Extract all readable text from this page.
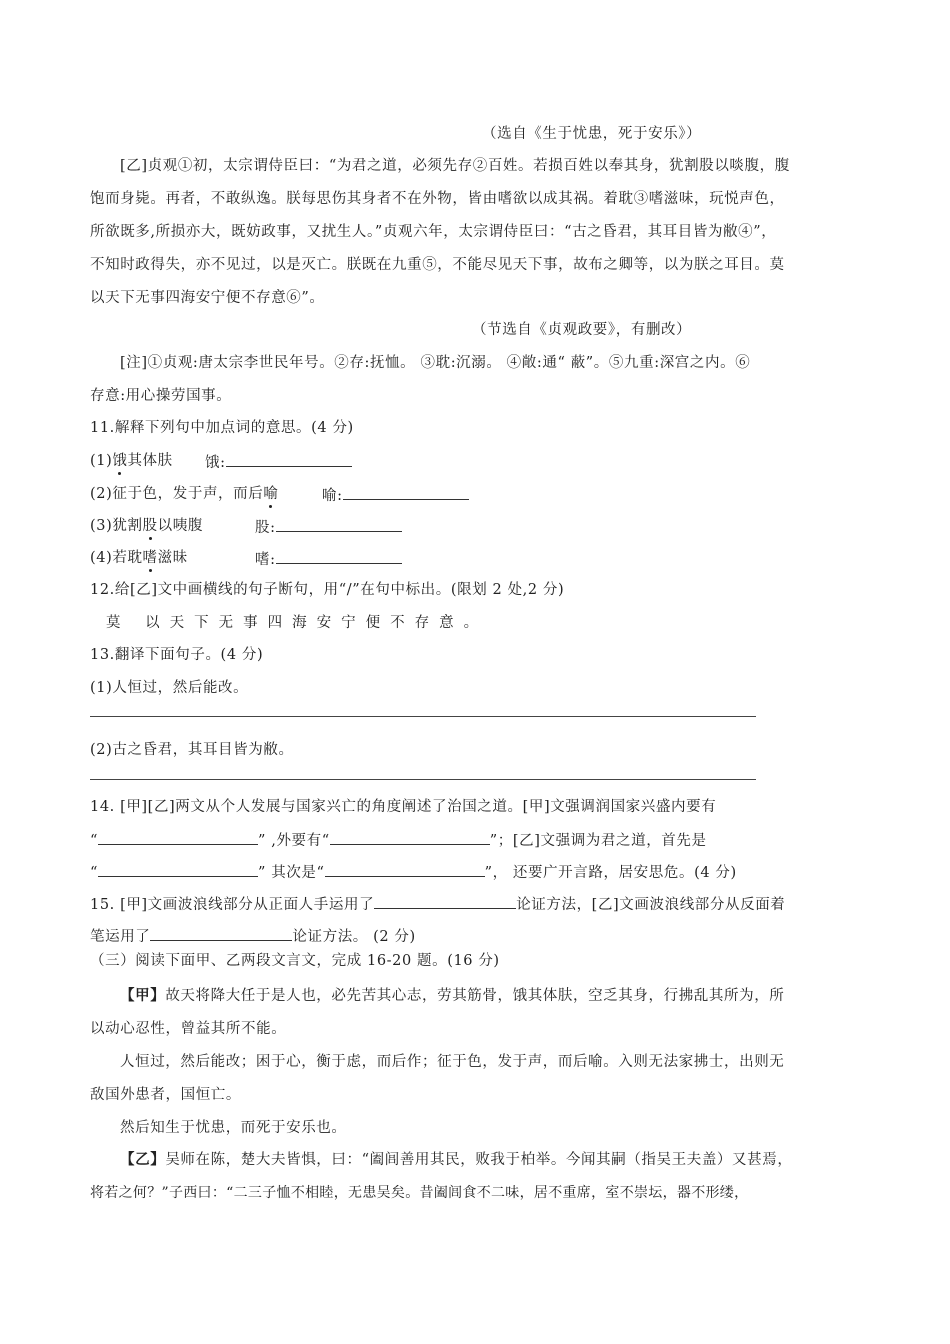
（选自《生于忧患，死于安乐》）
[乙]贞观①初，太宗谓侍臣曰：“为君之道，必须先存②百姓。若损百姓以奉其身，犹割股以啖腹，腹
饱而身毙。再者，不敢纵逸。朕每思伤其身者不在外物，皆由嗜欲以成其祸。着耽③嗜滋味，玩悦声色，
所欲既多,所损亦大，既妨政事，又扰生人。”贞观六年，太宗谓侍臣曰：“古之昏君，其耳目皆为敝④”，
不知时政得失，亦不见过，以是灭亡。朕既在九重⑤，不能尽见天下事，故布之卿等，以为朕之耳目。莫
以天下无事四海安宁便不存意⑥”。
（节选自《贞观政要》，有删改）
[注]①贞观:唐太宗李世民年号。②存:抚恤。 ③耽:沉溺。 ④敞:通“ 蔽”。⑤九重:深宫之内。⑥
存意:用心操劳国事。
11.解释下列句中加点词的意思。(4 分)
(1)饿其体肤 饿:
(2)征于色，发于声，而后喻	喻:
(3)犹割股以咦腹	股:
(4)若耽嗜滋昧	嗜:
12.给[乙]文中画横线的句子断句，用“/”在句中标出。(限划 2 处,2 分)
莫 以天下无事四海安宁便不存意。
13.翻译下面句子。(4 分)
(1)人恒过，然后能改。
(2)古之昏君，其耳目皆为敝。
14. [甲][乙]两文从个人发展与国家兴亡的角度阐述了治国之道。[甲]文强调润国家兴盛内要有
“	” ,外要有“	”；[乙]文强调为君之道，首先是
“	” 其次是“	”， 还要广开言路，居安思危。(4 分)
15. [甲]文画波浪线部分从正面人手运用了	论证方法，[乙]文画波浪线部分从反面着
笔运用了	论证方法。 (2 分)
（三）阅读下面甲、乙两段文言文，完成 16-20 题。(16 分)
【甲】故天将降大任于是人也，必先苦其心志，劳其筋骨，饿其体肤，空乏其身，行拂乱其所为，所
以动心忍性，曾益其所不能。
人恒过，然后能改；困于心，衡于虑，而后作；征于色，发于声，而后喻。入则无法家拂士，出则无
敌国外患者，国恒亡。
然后知生于忧患，而死于安乐也。
【乙】吴师在陈，楚大夫皆惧，曰：“阖闾善用其民，败我于柏举。今闻其嗣（指吴王夫盖）又甚焉，
将若之何？”子西曰：“二三子恤不相睦，无患吴矣。昔阖闾食不二味，居不重席，室不崇坛，器不形缕，
